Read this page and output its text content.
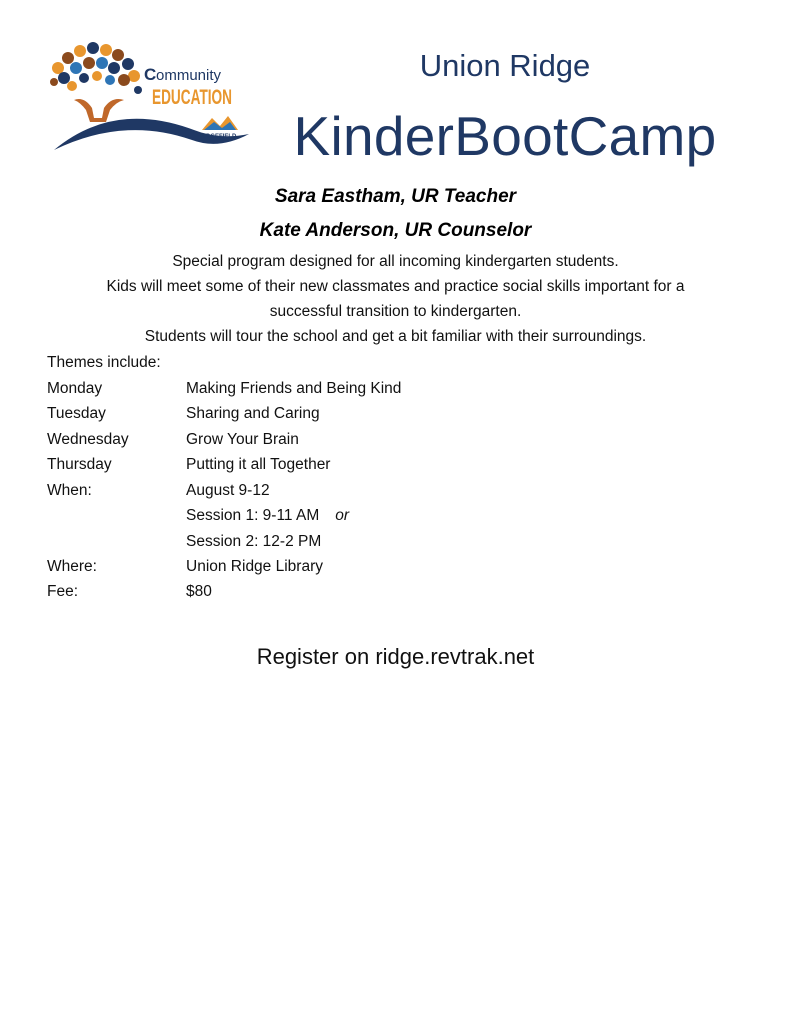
C ommunity
EDUCATION
RIDGEFIELD
Union Ridge
KinderBootCamp
Sara Eastham, UR Teacher
Kate Anderson, UR Counselor
Special program designed for all incoming kindergarten students.
Kids will meet some of their new classmates and practice social skills important for a
successful transition to kindergarten.
Students will tour the school and get a bit familiar with their surroundings.
Themes include:
Monday	Making Friends and Being Kind
Tuesday	Sharing and Caring
Wednesday	Grow Your Brain
Thursday	Putting it all Together
When:	August 9-12
Session 1: 9-11 AM or
Session 2: 12-2 PM
Where:	Union Ridge Library
Fee:	$80
Register on ridge.revtrak.net
